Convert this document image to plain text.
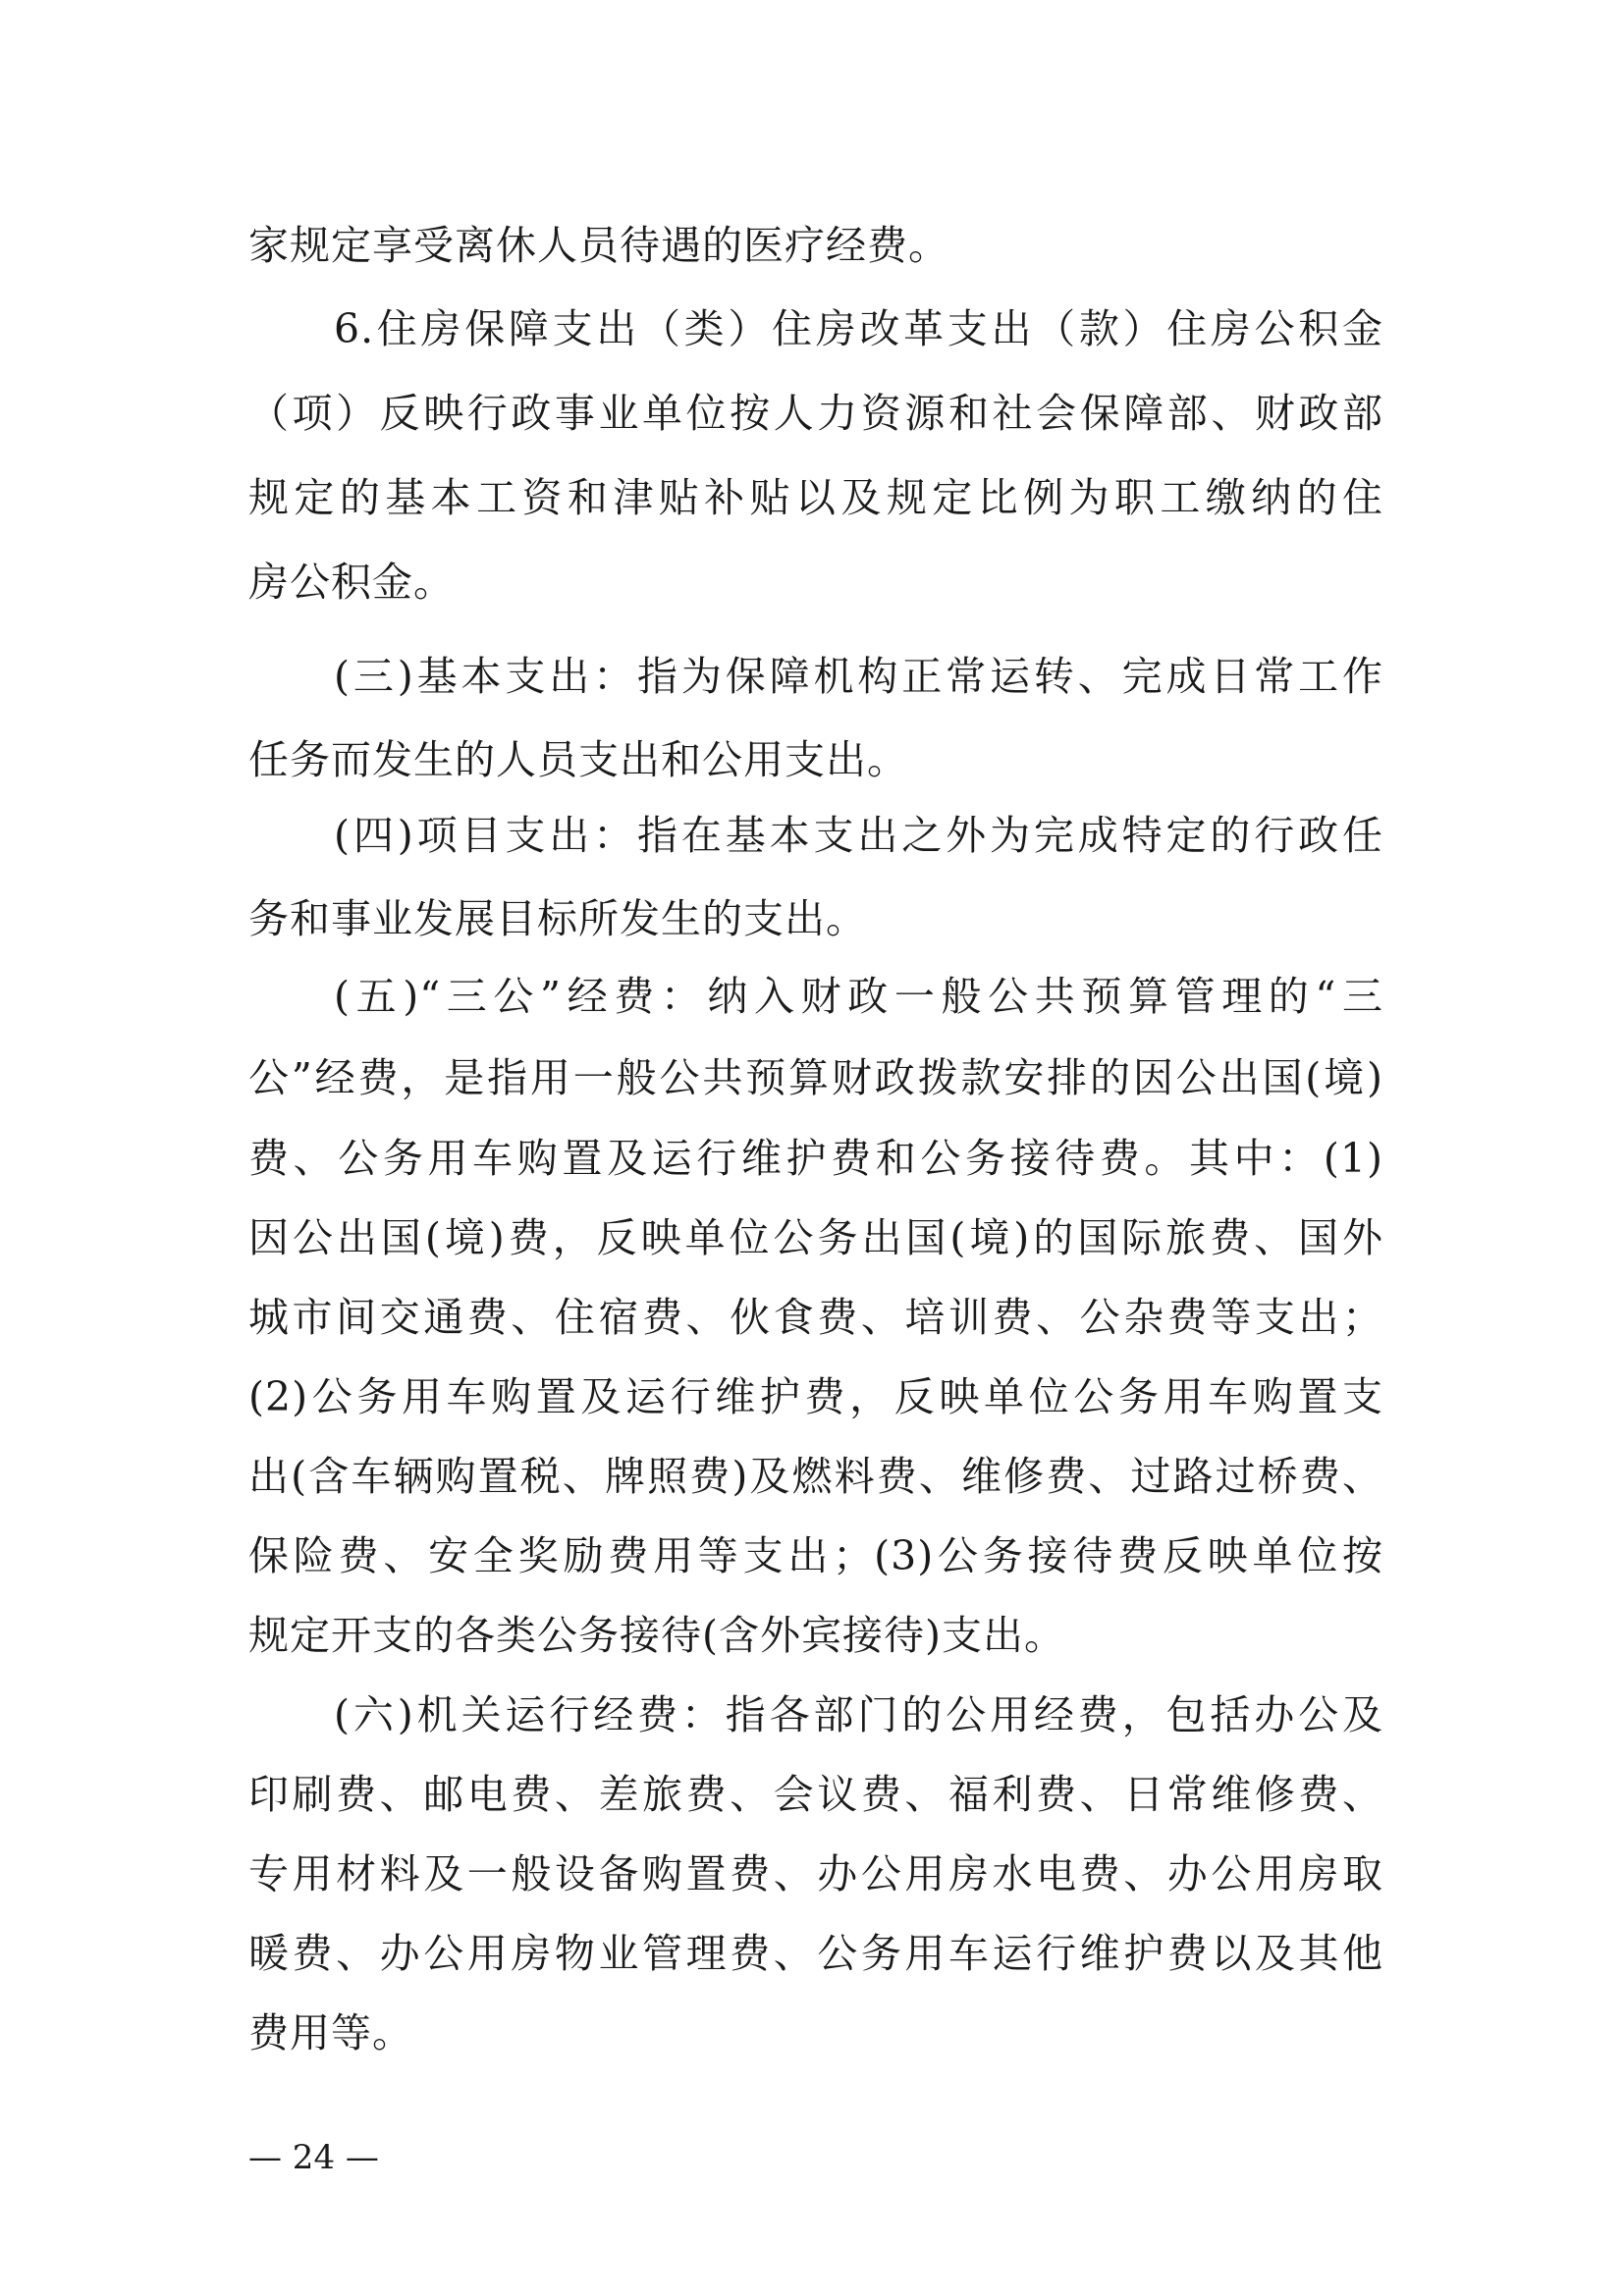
家规定享受离休人员待遇的医疗经费。
6.住房保障支出（类）住房改革支出（款）住房公积金
（项）反映行政事业单位按人力资源和社会保障部、财政部
规定的基本工资和津贴补贴以及规定比例为职工缴纳的住
房公积金。
(三)基本支出：指为保障机构正常运转、完成日常工作
任务而发生的人员支出和公用支出。
(四)项目支出：指在基本支出之外为完成特定的行政任
务和事业发展目标所发生的支出。
(五)“三公”经费：纳入财政一般公共预算管理的“三
公”经费，是指用一般公共预算财政拨款安排的因公出国(境)
费、公务用车购置及运行维护费和公务接待费。其中：(1)
因公出国(境)费，反映单位公务出国(境)的国际旅费、国外
城市间交通费、住宿费、伙食费、培训费、公杂费等支出；
(2)公务用车购置及运行维护费，反映单位公务用车购置支
出(含车辆购置税、牌照费)及燃料费、维修费、过路过桥费、
保险费、安全奖励费用等支出；(3)公务接待费反映单位按
规定开支的各类公务接待(含外宾接待)支出。
(六)机关运行经费：指各部门的公用经费，包括办公及
印刷费、邮电费、差旅费、会议费、福利费、日常维修费、
专用材料及一般设备购置费、办公用房水电费、办公用房取
暖费、办公用房物业管理费、公务用车运行维护费以及其他
费用等。
— 24 —
